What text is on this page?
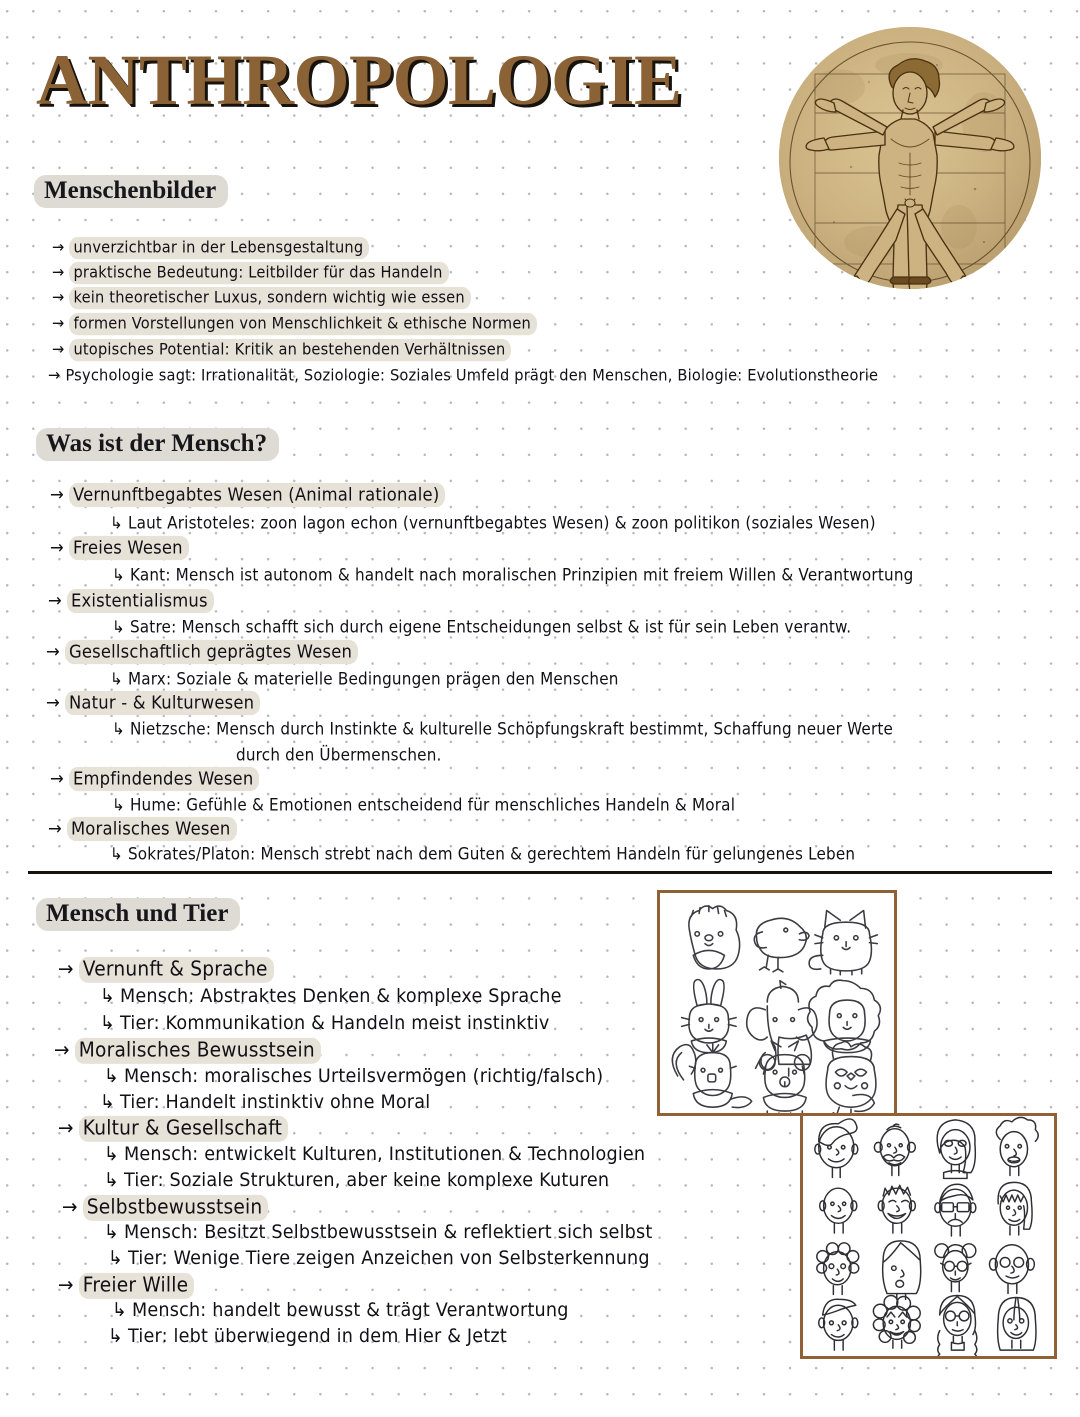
ANTHROPOLOGIE
Menschenbilder
Was ist der Mensch?
Mensch und Tier
→ unverzichtbar in der Lebensgestaltung
→ praktische Bedeutung: Leitbilder für das Handeln
→ kein theoretischer Luxus, sondern wichtig wie essen
→ formen Vorstellungen von Menschlichkeit & ethische Normen
→ utopisches Potential: Kritik an bestehenden Verhältnissen
→ Psychologie sagt: Irrationalität, Soziologie: Soziales Umfeld prägt den Menschen, Biologie: Evolutionstheorie
→ Vernunftbegabtes Wesen (Animal rationale)
↳ Laut Aristoteles: zoon lagon echon (vernunftbegabtes Wesen) & zoon politikon (soziales Wesen)
→ Freies Wesen
↳ Kant: Mensch ist autonom & handelt nach moralischen Prinzipien mit freiem Willen & Verantwortung
→ Existentialismus
↳ Satre: Mensch schafft sich durch eigene Entscheidungen selbst & ist für sein Leben verantw.
→ Gesellschaftlich geprägtes Wesen
↳ Marx: Soziale & materielle Bedingungen prägen den Menschen
→ Natur - & Kulturwesen
↳ Nietzsche: Mensch durch Instinkte & kulturelle Schöpfungskraft bestimmt, Schaffung neuer Werte
durch den Übermenschen.
→ Empfindendes Wesen
↳ Hume: Gefühle & Emotionen entscheidend für menschliches Handeln & Moral
→ Moralisches Wesen
↳ Sokrates/Platon: Mensch strebt nach dem Guten & gerechtem Handeln für gelungenes Leben
→ Vernunft & Sprache
↳ Mensch: Abstraktes Denken & komplexe Sprache
↳ Tier: Kommunikation & Handeln meist instinktiv
→ Moralisches Bewusstsein
↳ Mensch: moralisches Urteilsvermögen (richtig/falsch)
↳ Tier: Handelt instinktiv ohne Moral
→ Kultur & Gesellschaft
↳ Mensch: entwickelt Kulturen, Institutionen & Technologien
↳ Tier: Soziale Strukturen, aber keine komplexe Kuturen
→ Selbstbewusstsein
↳ Mensch: Besitzt Selbstbewusstsein & reflektiert sich selbst
↳ Tier: Wenige Tiere zeigen Anzeichen von Selbsterkennung
→ Freier Wille
↳ Mensch: handelt bewusst & trägt Verantwortung
↳ Tier: lebt überwiegend in dem Hier & Jetzt
